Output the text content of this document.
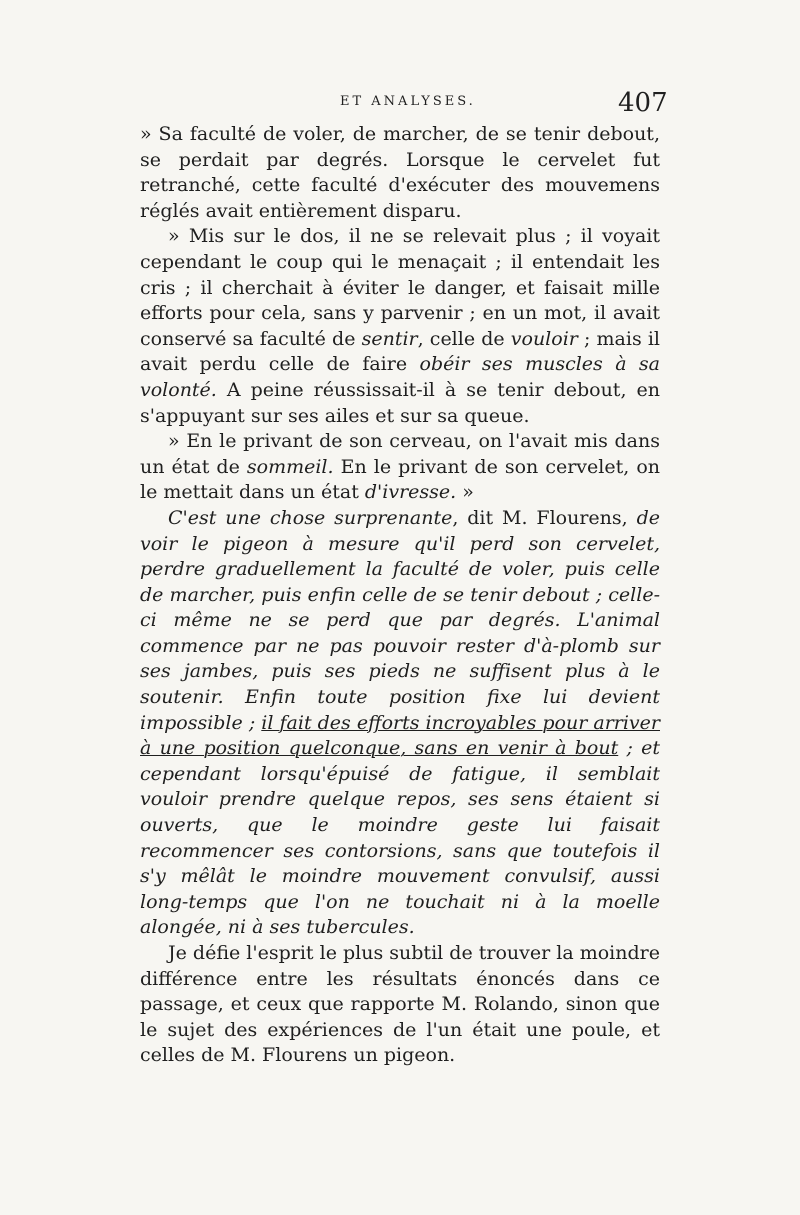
ET ANALYSES.	407

» Sa faculté de voler, de marcher, de se tenir debout, se perdait par degrés. Lorsque le cervelet fut retranché, cette faculté d'exécuter des mouvemens réglés avait entièrement disparu.

» Mis sur le dos, il ne se relevait plus ; il voyait cependant le coup qui le menaçait ; il entendait les cris ; il cherchait à éviter le danger, et faisait mille efforts pour cela, sans y parvenir ; en un mot, il avait conservé sa faculté de sentir, celle de vouloir ; mais il avait perdu celle de faire obéir ses muscles à sa volonté. A peine réussissait-il à se tenir debout, en s'appuyant sur ses ailes et sur sa queue.

» En le privant de son cerveau, on l'avait mis dans un état de sommeil. En le privant de son cervelet, on le mettait dans un état d'ivresse. »

C'est une chose surprenante, dit M. Flourens, de voir le pigeon à mesure qu'il perd son cervelet, perdre graduellement la faculté de voler, puis celle de marcher, puis enfin celle de se tenir debout ; celle-ci même ne se perd que par degrés. L'animal commence par ne pas pouvoir rester d'à-plomb sur ses jambes, puis ses pieds ne suffisent plus à le soutenir. Enfin toute position fixe lui devient impossible ; il fait des efforts incroyables pour arriver à une position quelconque, sans en venir à bout ; et cependant lorsqu'épuisé de fatigue, il semblait vouloir prendre quelque repos, ses sens étaient si ouverts, que le moindre geste lui faisait recommencer ses contorsions, sans que toutefois il s'y mêlât le moindre mouvement convulsif, aussi long-temps que l'on ne touchait ni à la moelle alongée, ni à ses tubercules.

Je défie l'esprit le plus subtil de trouver la moindre différence entre les résultats énoncés dans ce passage, et ceux que rapporte M. Rolando, sinon que le sujet des expériences de l'un était une poule, et celles de M. Flourens un pigeon.
